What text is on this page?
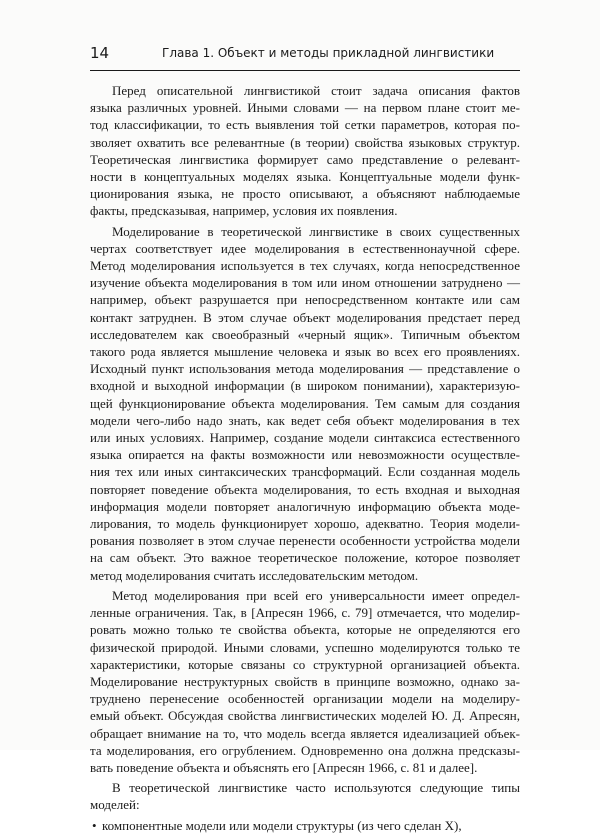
14	Глава 1. Объект и методы прикладной лингвистики

Перед описательной лингвистикой стоит задача описания фактов
языка различных уровней. Иными словами — на первом плане стоит ме-
тод классификации, то есть выявления той сетки параметров, которая по-
зволяет охватить все релевантные (в теории) свойства языковых структур.
Теоретическая лингвистика формирует само представление о релевант-
ности в концептуальных моделях языка. Концептуальные модели функ-
ционирования языка, не просто описывают, а объясняют наблюдаемые
факты, предсказывая, например, условия их появления.

Моделирование в теоретической лингвистике в своих существенных
чертах соответствует идее моделирования в естественнонаучной сфере.
Метод моделирования используется в тех случаях, когда непосредственное
изучение объекта моделирования в том или ином отношении затруднено —
например, объект разрушается при непосредственном контакте или сам
контакт затруднен. В этом случае объект моделирования предстает перед
исследователем как своеобразный «черный ящик». Типичным объектом
такого рода является мышление человека и язык во всех его проявлениях.
Исходный пункт использования метода моделирования — представление о
входной и выходной информации (в широком понимании), характеризую-
щей функционирование объекта моделирования. Тем самым для создания
модели чего-либо надо знать, как ведет себя объект моделирования в тех
или иных условиях. Например, создание модели синтаксиса естественного
языка опирается на факты возможности или невозможности осуществле-
ния тех или иных синтаксических трансформаций. Если созданная модель
повторяет поведение объекта моделирования, то есть входная и выходная
информация модели повторяет аналогичную информацию объекта моде-
лирования, то модель функционирует хорошо, адекватно. Теория модели-
рования позволяет в этом случае перенести особенности устройства модели
на сам объект. Это важное теоретическое положение, которое позволяет
метод моделирования считать исследовательским методом.

Метод моделирования при всей его универсальности имеет определ-
ленные ограничения. Так, в [Апресян 1966, с. 79] отмечается, что моделир-
ровать можно только те свойства объекта, которые не определяются его
физической природой. Иными словами, успешно моделируются только те
характеристики, которые связаны со структурной организацией объекта.
Моделирование неструктурных свойств в принципе возможно, однако за-
труднено перенесение особенностей организации модели на моделиру-
емый объект. Обсуждая свойства лингвистических моделей Ю. Д. Апресян,
обращает внимание на то, что модель всегда является идеализацией объек-
та моделирования, его огрублением. Одновременно она должна предсказы-
вать поведение объекта и объяснять его [Апресян 1966, с. 81 и далее].

В теоретической лингвистике часто используются следующие типы
моделей:

• компонентные модели или модели структуры (из чего сделан X),
